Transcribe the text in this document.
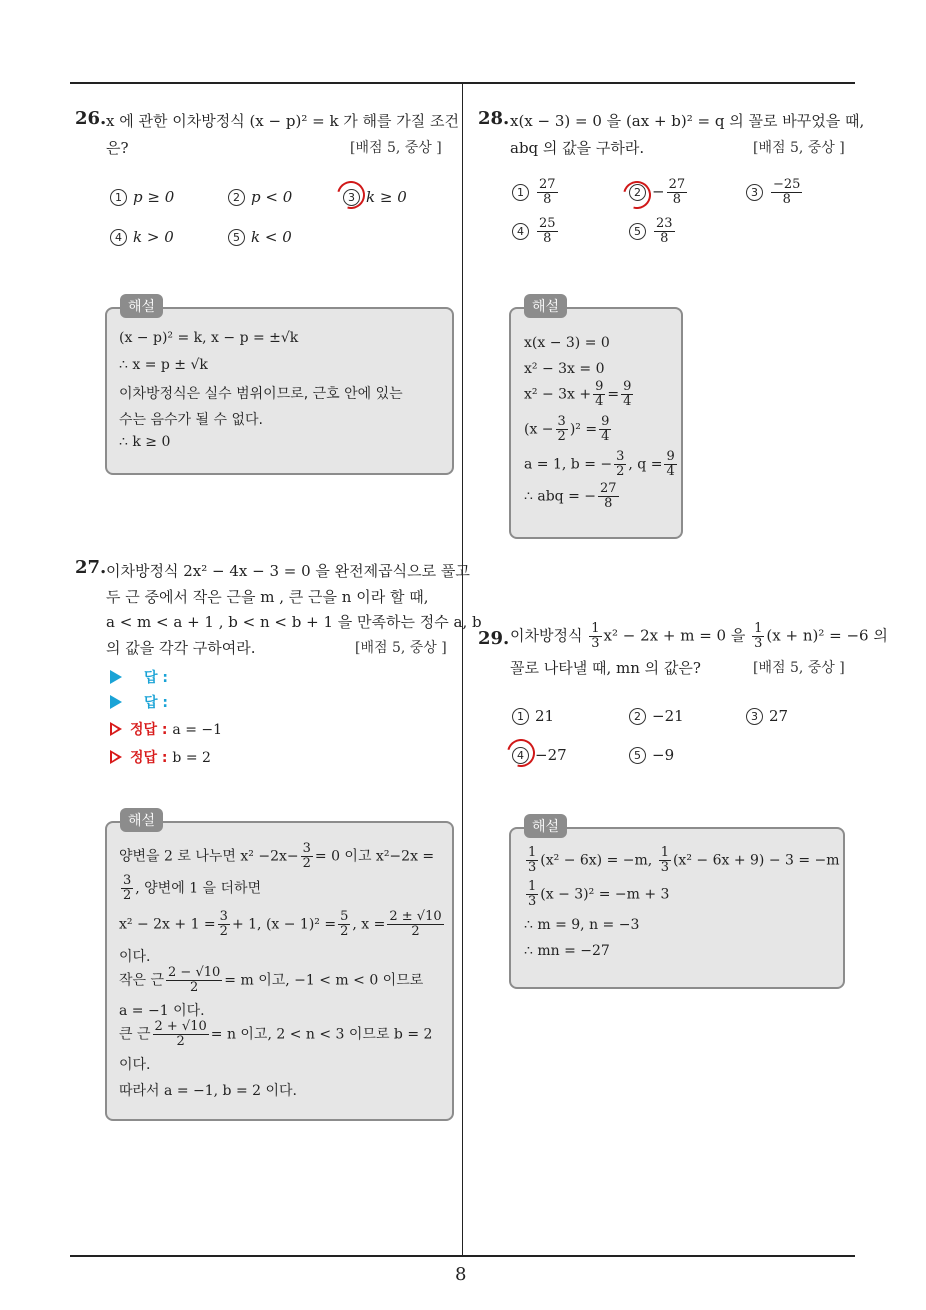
8
26. x 에 관한 이차방정식 (x − p)² = k 가 해를 가질 조건
은?	[배점 5, 중상 ]
1 p ≥ 0	2 p < 0	3 k ≥ 0
4 k > 0	5 k < 0
해설
(x − p)² = k, x − p = ±√k
∴ x = p ± √k
이차방정식은 실수 범위이므로, 근호 안에 있는
수는 음수가 될 수 없다.
∴ k ≥ 0
27. 이차방정식 2x² − 4x − 3 = 0 을 완전제곱식으로 풀고
두 근 중에서 작은 근을 m , 큰 근을 n 이라 할 때,
a < m < a + 1 , b < n < b + 1 을 만족하는 정수 a, b
의 값을 각각 구하여라.	[배점 5, 중상 ]
답 :
답 :
정답 : a = −1
정답 : b = 2
해설
양변을 2 로 나누면 $x^2 -2x- \frac{3}{2} = 0$ 이고 x²−2x =
$\frac{3}{2}$ , 양변에 1 을 더하면
$x^2 - 2x + 1 = \frac{3}{2} + 1$, $(x - 1)^2 = \frac{5}{2}$ , $x = \frac{2 \pm √10}{2}$
이다.
작은 근 $\frac{2 - √10}{2} = m$ 이고, −1 < m < 0 이므로
a = −1 이다.
큰 근 $\frac{2 + √10}{2} = n$ 이고, 2 < n < 3 이므로 b = 2
이다.
따라서 a = −1, b = 2 이다.
28. x(x − 3) = 0 을 (ax + b)² = q 의 꼴로 바꾸었을 때,
abq 의 값을 구하라.	[배점 5, 중상 ]
$1 \frac{27}{8}$	$2 - \frac{27}{8}$	$3 \frac{-25}{8}$
$4 \frac{25}{8}$	$5 \frac{23}{8}$
해설
x(x − 3) = 0
x² − 3x = 0
$x^2 - 3x + \frac{9}{4} = \frac{9}{4}$
$(x - \frac{3}{2} )^2 = \frac{9}{4}$
a = 1, b = − $\frac{3}{2}$ , $q = \frac{9}{4}$
∴ abq = − $\frac{27}{8}$
29. 이차방정식 $\frac{1}{3} x^2 - 2x + m = 0$ 을 $\frac{1}{3} (x + n)^2 = -6$ 의
꼴로 나타낼 때, mn 의 값은?	[배점 5, 중상 ]
1 21	2 −21	3 27
4 −27	5 −9
해설
$\frac{1}{3} (x^2 - 6x) = -m$, $\frac{1}{3} (x^2 - 6x + 9) - 3 = -m$
$\frac{1}{3} (x - 3)^2 = -m + 3$
∴ m = 9, n = −3
∴ mn = −27
